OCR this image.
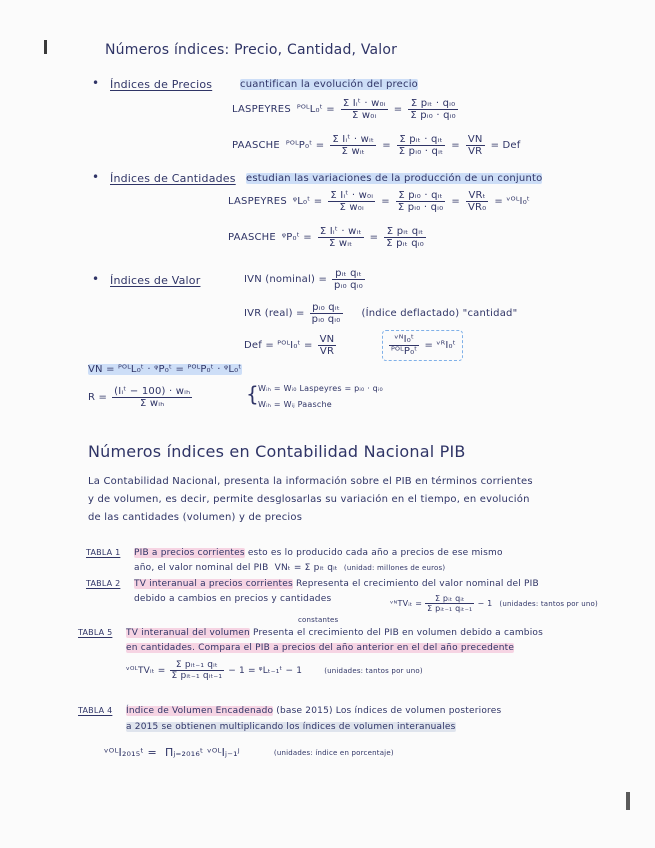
Números índices: Precio, Cantidad, Valor
• Índices de Precios	cuantifican la evolución del precio
LASPEYRES ᴾᴼᴸL₀ᵗ = $\frac{\text{Σ Iᵢᵗ · w₀ᵢ}}{\text{Σ w₀ᵢ}} = \frac{\text{Σ pᵢₜ · qᵢ₀}}{\text{Σ pᵢ₀ · qᵢ₀}}$
PAASCHE ᴾᴼᴸP₀ᵗ = $\frac{\text{Σ Iᵢᵗ · wᵢₜ}}{\text{Σ wᵢₜ}} = \frac{\text{Σ pᵢₜ · qᵢₜ}}{\text{Σ pᵢ₀ · qᵢₜ}} = \frac{VN}{VR}$ = Def
• Índices de Cantidades estudian las variaciones de la producción de un conjunto
LASPEYRES ᵠL₀ᵗ = $\frac{\text{Σ Iᵢᵗ · w₀ᵢ}}{\text{Σ w₀ᵢ}} = \frac{\text{Σ pᵢ₀ · qᵢₜ}}{\text{Σ pᵢ₀ · qᵢ₀}} = \frac{\text{VRₜ}}{\text{VR₀}}$ = ᵛᴼᴸI₀ᵗ
PAASCHE ᵠP₀ᵗ = $\frac{\text{Σ Iᵢᵗ · wᵢₜ}}{\text{Σ wᵢₜ}} = \frac{\text{Σ pᵢₜ qᵢₜ}}{\text{Σ pᵢₜ qᵢ₀}}$
• Índices de Valor	IVN (nominal) = $\frac{\text{pᵢₜ qᵢₜ}}{\text{pᵢ₀ qᵢ₀}}$
IVR (real) = $\frac{\text{pᵢ₀ qᵢₜ}}{\text{pᵢ₀ qᵢ₀}}$ (Índice deflactado) "cantidad"
Def = ᴾᴼᴸI₀ᵗ = $\frac{VN}{VR}$	$\frac{\text{ᵛᴺI₀ᵗ}}{\text{ᴾᴼᴸP₀ᵗ}}$ = ᵛᴿI₀ᵗ
VN = ᴾᴼᴸL₀ᵗ · ᵠP₀ᵗ = ᴾᴼᴸP₀ᵗ · ᵠL₀ᵗ
$R = \frac{\text{(Iᵢᵗ − 100) · wᵢₕ}}{\text{Σ wᵢₕ}}$	{ Wᵢₕ = Wᵢ₀ Laspeyres = pᵢ₀ · qᵢ₀
Wᵢₕ = Wᵢⱼ Paasche
Números índices en Contabilidad Nacional PIB
La Contabilidad Nacional, presenta la información sobre el PIB en términos corrientes
y de volumen, es decir, permite desglosarlas su variación en el tiempo, en evolución
de las cantidades (volumen) y de precios
TABLA 1 PIB a precios corrientes esto es lo producido cada año a precios de ese mismo
año, el valor nominal del PIB VNₜ = Σ pᵢₜ qᵢₜ (unidad: millones de euros)
TABLA 2 TV interanual a precios corrientes Representa el crecimiento del valor nominal del PIB
debido a cambios en precios y cantidades
constantes
ᵛᴺTVᵢₜ = $\frac{\text{Σ pᵢₜ qᵢₜ}}{\text{Σ pᵢₜ₋₁ qᵢₜ₋₁}} - 1$ (unidades: tantos por uno)
TABLA 5 TV interanual del volumen Presenta el crecimiento del PIB en volumen debido a cambios
en cantidades. Compara el PIB a precios del año anterior en el del año precedente
ᵛᴼᴸTVᵢₜ = $\frac{\text{Σ pᵢₜ₋₁ qᵢₜ}}{\text{Σ pᵢₜ₋₁ qᵢₜ₋₁}} - 1$ = ᵠLₜ₋₁ᵗ − 1	(unidades: tantos por uno)
TABLA 4 Índice de Volumen Encadenado (base 2015) Los índices de volumen posteriores
a 2015 se obtienen multiplicando los índices de volumen interanuales
ᵛᴼᴸI₂₀₁₅ᵗ = Πⱼ₌₂₀₁₆ᵗ ᵛᴼᴸIⱼ₋₁ʲ	(unidades: índice en porcentaje)
